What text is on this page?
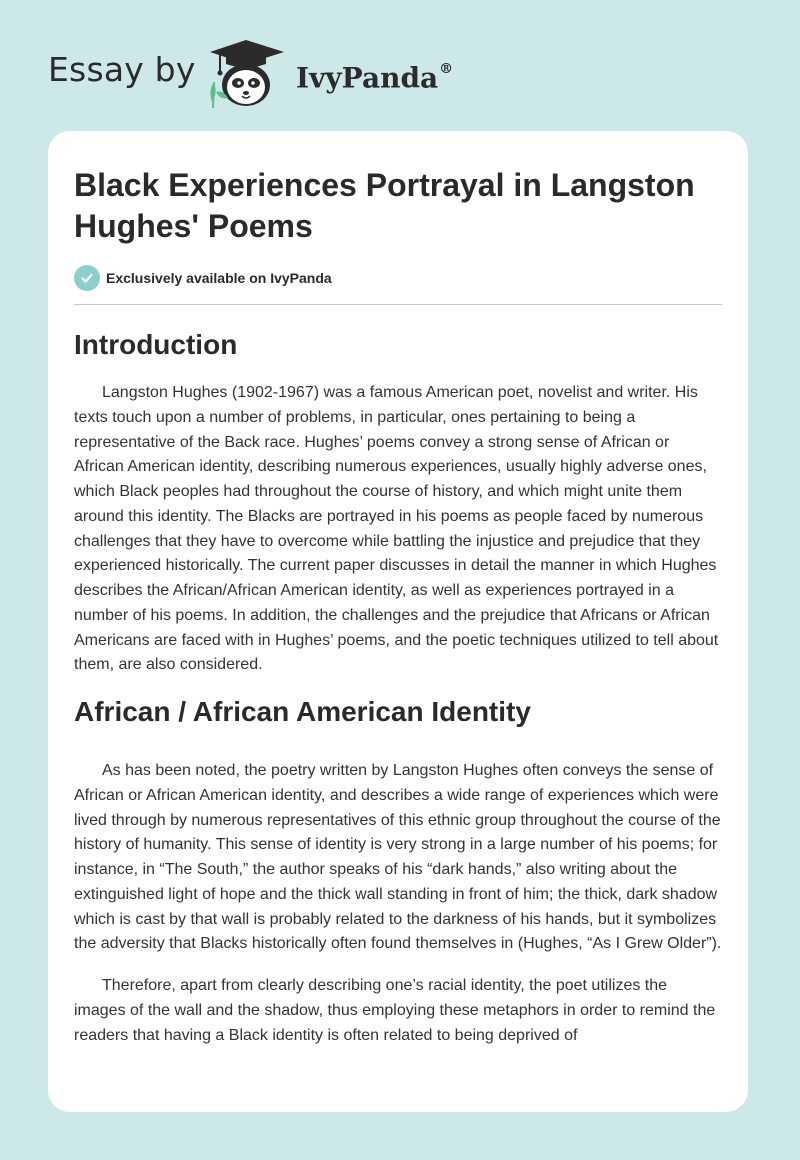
Essay by	IvyPanda®
Black Experiences Portrayal in Langston Hughes' Poems
Exclusively available on IvyPanda
Introduction

Langston Hughes (1902-1967) was a famous American poet, novelist and writer. His texts touch upon a number of problems, in particular, ones pertaining to being a representative of the Back race. Hughes’ poems convey a strong sense of African or African American identity, describing numerous experiences, usually highly adverse ones, which Black peoples had throughout the course of history, and which might unite them around this identity. The Blacks are portrayed in his poems as people faced by numerous challenges that they have to overcome while battling the injustice and prejudice that they experienced historically. The current paper discusses in detail the manner in which Hughes describes the African/African American identity, as well as experiences portrayed in a number of his poems. In addition, the challenges and the prejudice that Africans or African Americans are faced with in Hughes’ poems, and the poetic techniques utilized to tell about them, are also considered.

African / African American Identity

As has been noted, the poetry written by Langston Hughes often conveys the sense of African or African American identity, and describes a wide range of experiences which were lived through by numerous representatives of this ethnic group throughout the course of the history of humanity. This sense of identity is very strong in a large number of his poems; for instance, in “The South,” the author speaks of his “dark hands,” also writing about the extinguished light of hope and the thick wall standing in front of him; the thick, dark shadow which is cast by that wall is probably related to the darkness of his hands, but it symbolizes the adversity that Blacks historically often found themselves in (Hughes, “As I Grew Older”).

Therefore, apart from clearly describing one’s racial identity, the poet utilizes the images of the wall and the shadow, thus employing these metaphors in order to remind the readers that having a Black identity is often related to being deprived of
